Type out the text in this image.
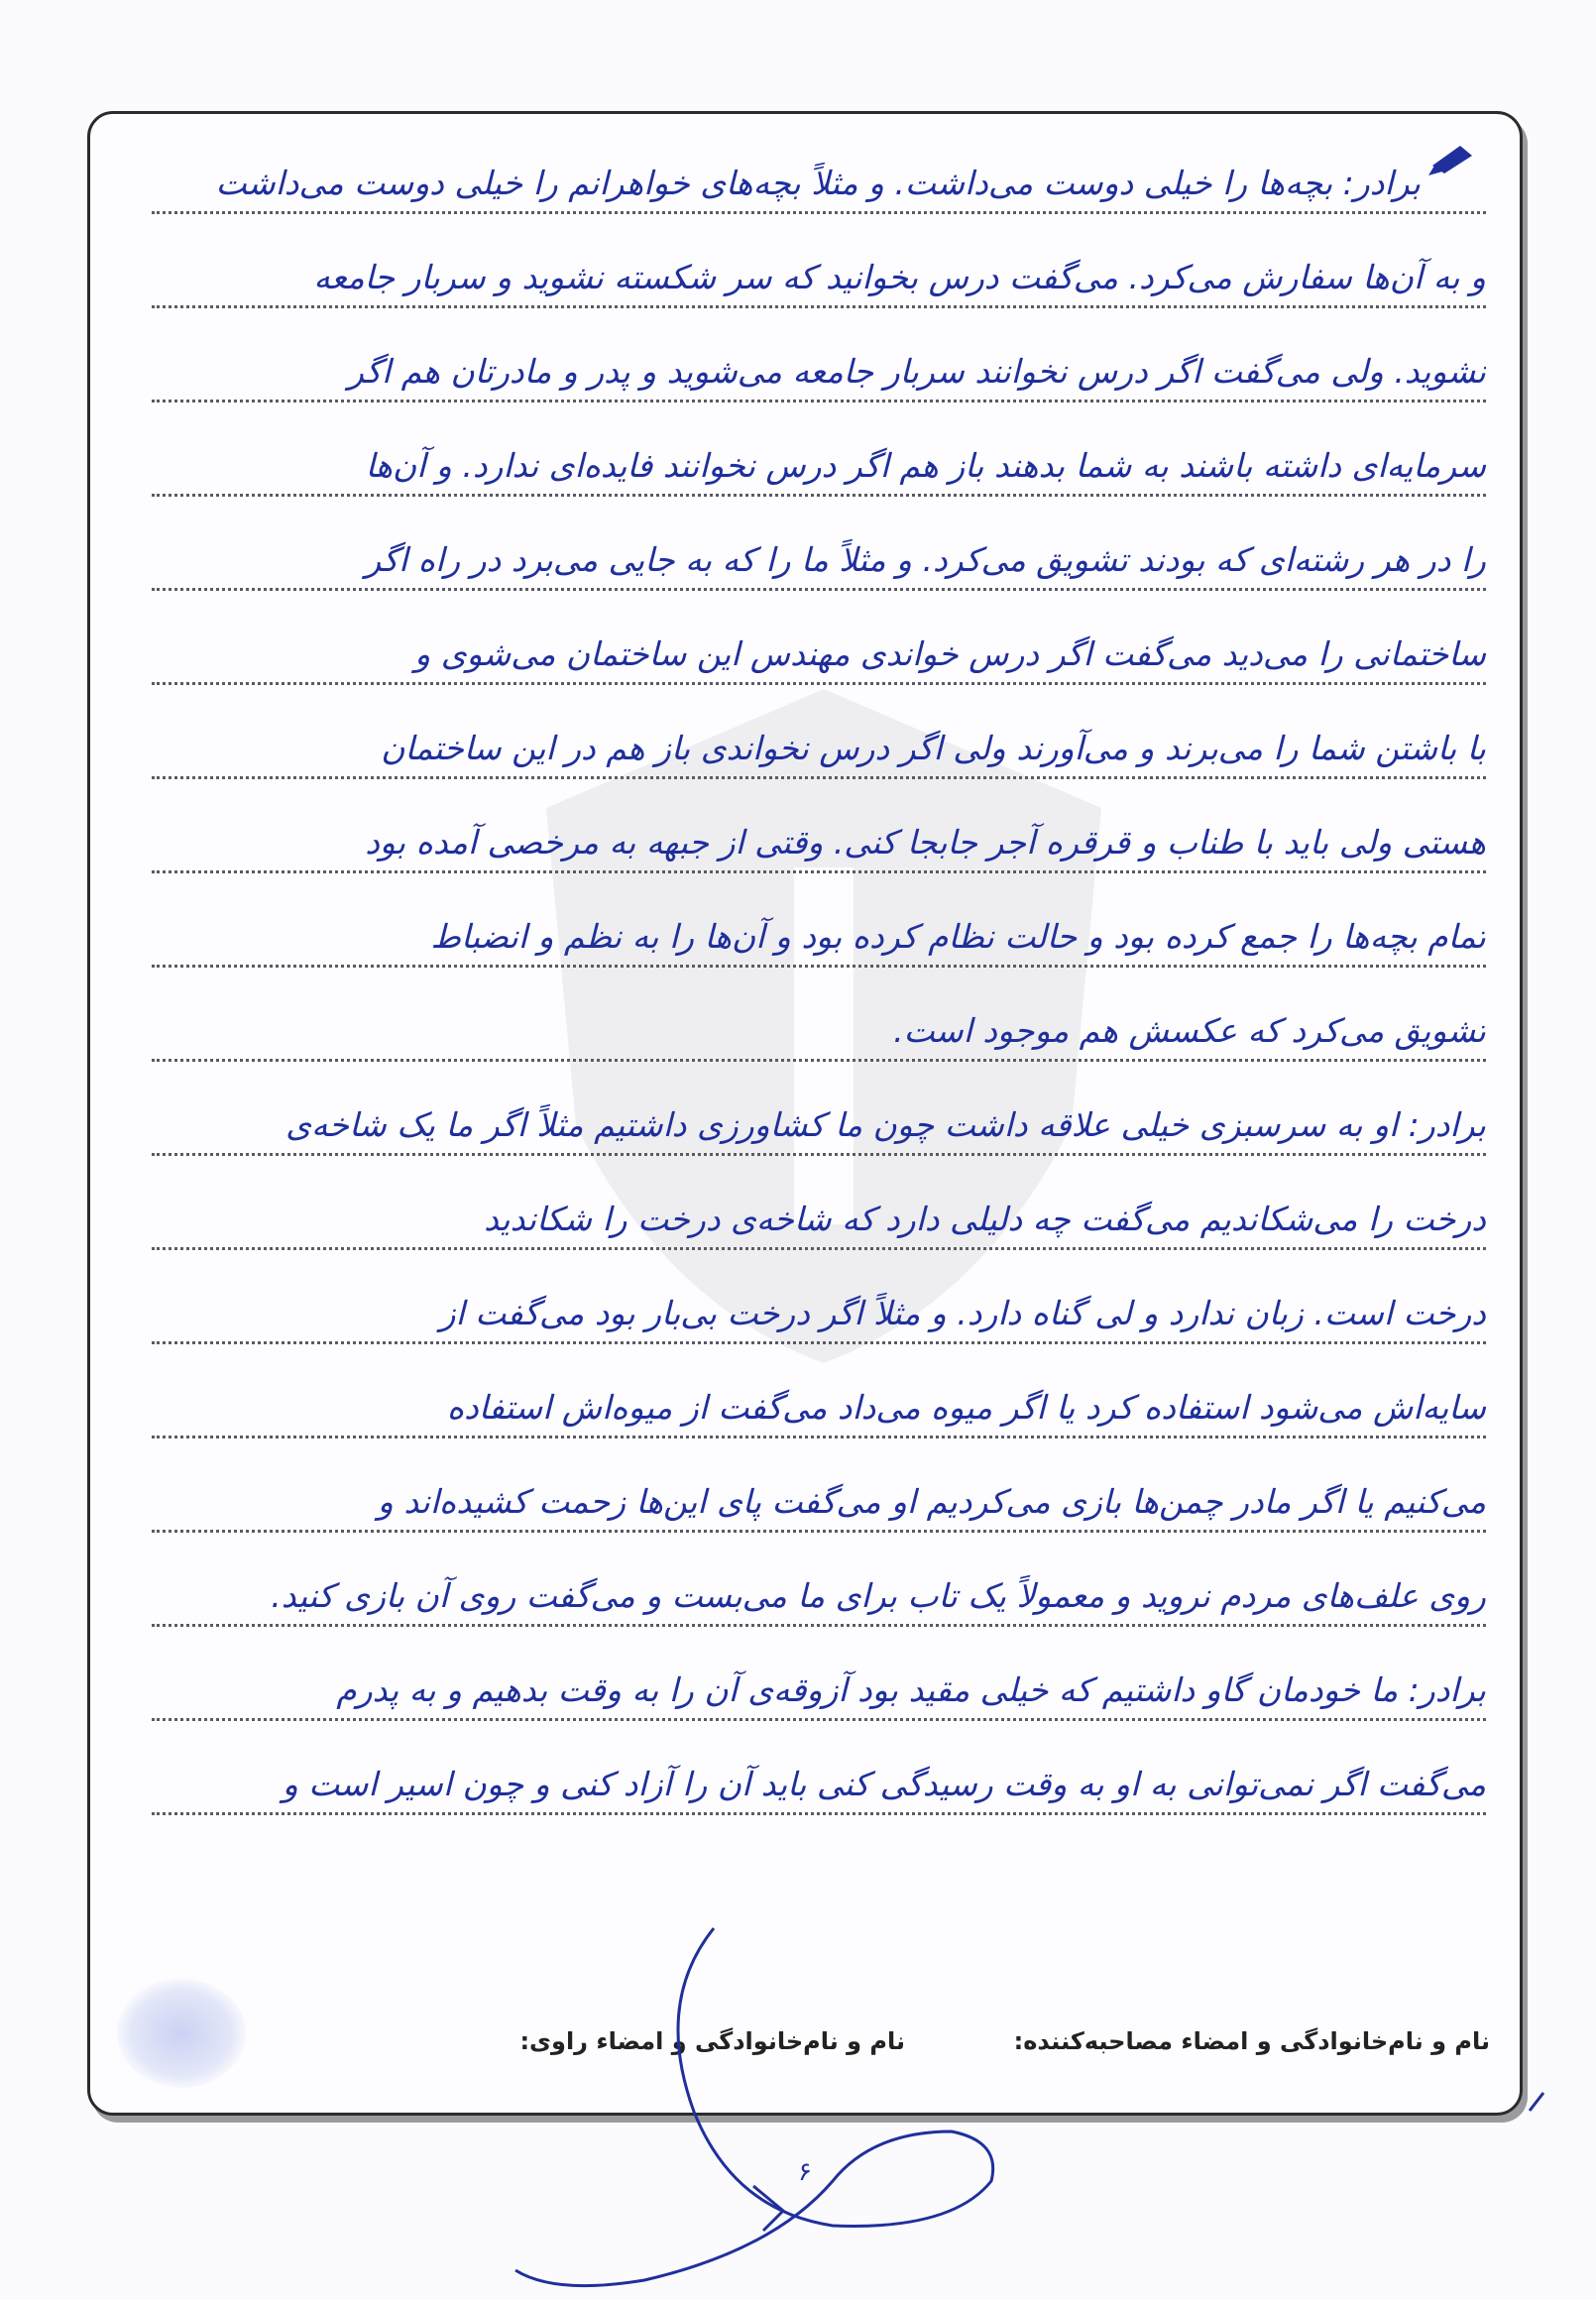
برادر: بچه‌ها را خیلی دوست می‌داشت. و مثلاً بچه‌های خواهرانم را خیلی دوست می‌داشت
و به آن‌ها سفارش می‌کرد. می‌گفت درس بخوانید که سر شکسته نشوید و سربار جامعه
نشوید. ولی می‌گفت اگر درس نخوانند سربار جامعه می‌شوید و پدر و مادرتان هم اگر
سرمایه‌ای داشته باشند به شما بدهند باز هم اگر درس نخوانند فایده‌ای ندارد. و آن‌ها
را در هر رشته‌ای که بودند تشویق می‌کرد. و مثلاً ما را که به جایی می‌برد در راه اگر
ساختمانی را می‌دید می‌گفت اگر درس خواندی مهندس این ساختمان می‌شوی و
با باشتن شما را می‌برند و می‌آورند ولی اگر درس نخواندی باز هم در این ساختمان
هستی ولی باید با طناب و قرقره آجر جابجا کنی. وقتی از جبهه به مرخصی آمده بود
تمام بچه‌ها را جمع کرده بود و حالت نظام کرده بود و آن‌ها را به نظم و انضباط
تشویق می‌کرد که عکسش هم موجود است.
برادر: او به سرسبزی خیلی علاقه داشت چون ما کشاورزی داشتیم مثلاً اگر ما یک شاخه‌ی
درخت را می‌شکاندیم می‌گفت چه دلیلی دارد که شاخه‌ی درخت را شکاندید
درخت است. زبان ندارد و لی گناه دارد. و مثلاً اگر درخت بی‌بار بود می‌گفت از
سایه‌اش می‌شود استفاده کرد یا اگر میوه می‌داد می‌گفت از میوه‌اش استفاده
می‌کنیم یا اگر مادر چمن‌ها بازی می‌کردیم او می‌گفت پای این‌ها زحمت کشیده‌اند و
روی علف‌های مردم نروید و معمولاً یک تاب برای ما می‌بست و می‌گفت روی آن بازی کنید.
برادر: ما خودمان گاو داشتیم که خیلی مقید بود آزوقه‌ی آن را به وقت بدهیم و به پدرم
می‌گفت اگر نمی‌توانی به او به وقت رسیدگی کنی باید آن را آزاد کنی و چون اسیر است و
نام و نام‌خانوادگی و امضاء مصاحبه‌کننده:
نام و نام‌خانوادگی و امضاء راوی:
۶
